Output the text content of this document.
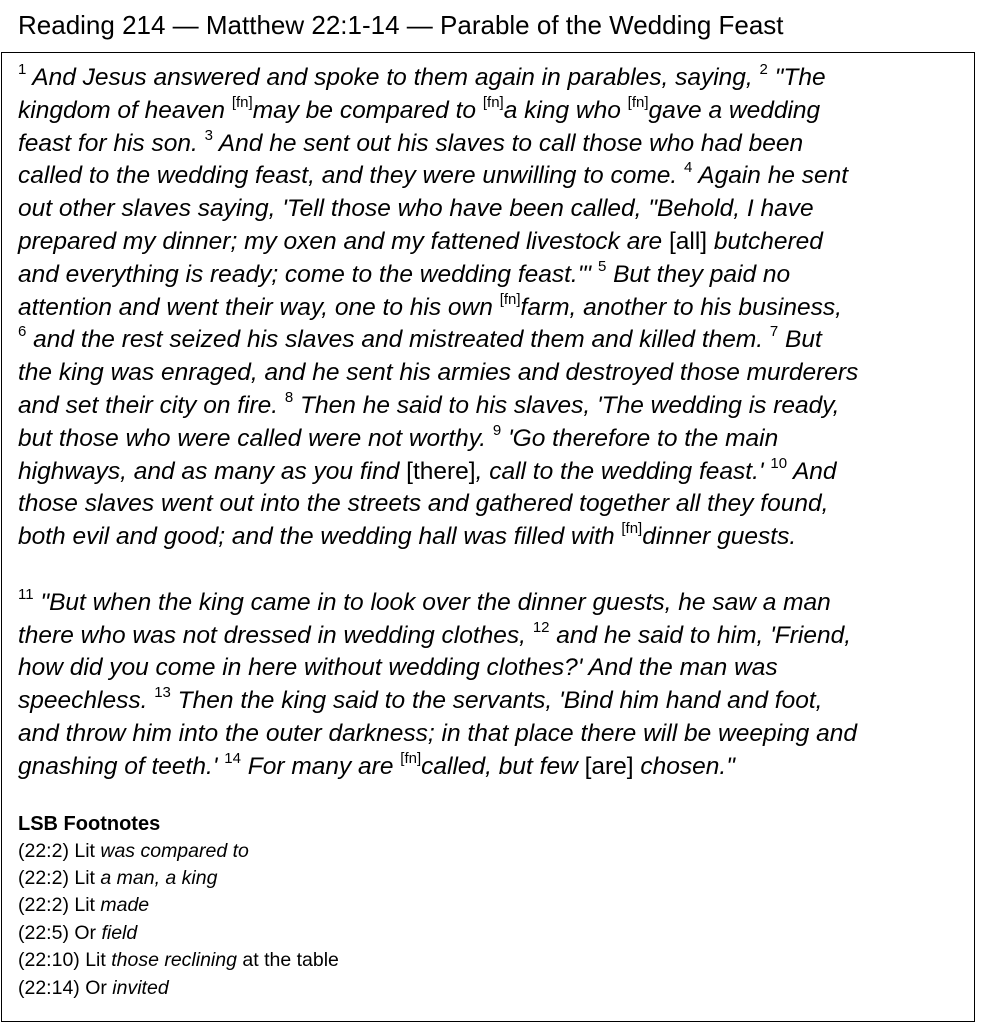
Reading 214 — Matthew 22:1-14 — Parable of the Wedding Feast
$^1$ And Jesus answered and spoke to them again in parables, saying, $^2$ "The
kingdom of heaven [fn]may be compared to [fn]a king who [fn]gave a wedding
feast for his son. $^3$ And he sent out his slaves to call those who had been
called to the wedding feast, and they were unwilling to come. $^4$ Again he sent
out other slaves saying, 'Tell those who have been called, "Behold, I have
prepared my dinner; my oxen and my fattened livestock are [all] butchered
and everything is ready; come to the wedding feast."' $^5$ But they paid no
attention and went their way, one to his own [fn]farm, another to his business,
$^6$ and the rest seized his slaves and mistreated them and killed them. $^7$ But
the king was enraged, and he sent his armies and destroyed those murderers
and set their city on fire. $^8$ Then he said to his slaves, 'The wedding is ready,
but those who were called were not worthy. $^9$ 'Go therefore to the main
highways, and as many as you find [there], call to the wedding feast.' $^{10}$ And
those slaves went out into the streets and gathered together all they found,
both evil and good; and the wedding hall was filled with [fn]dinner guests.
$^{11}$ "But when the king came in to look over the dinner guests, he saw a man
there who was not dressed in wedding clothes, $^{12}$ and he said to him, 'Friend,
how did you come in here without wedding clothes?' And the man was
speechless. $^{13}$ Then the king said to the servants, 'Bind him hand and foot,
and throw him into the outer darkness; in that place there will be weeping and
gnashing of teeth.' $^{14}$ For many are [fn]called, but few [are] chosen."
LSB Footnotes
(22:2) Lit was compared to
(22:2) Lit a man, a king
(22:2) Lit made
(22:5) Or field
(22:10) Lit those reclining at the table
(22:14) Or invited
